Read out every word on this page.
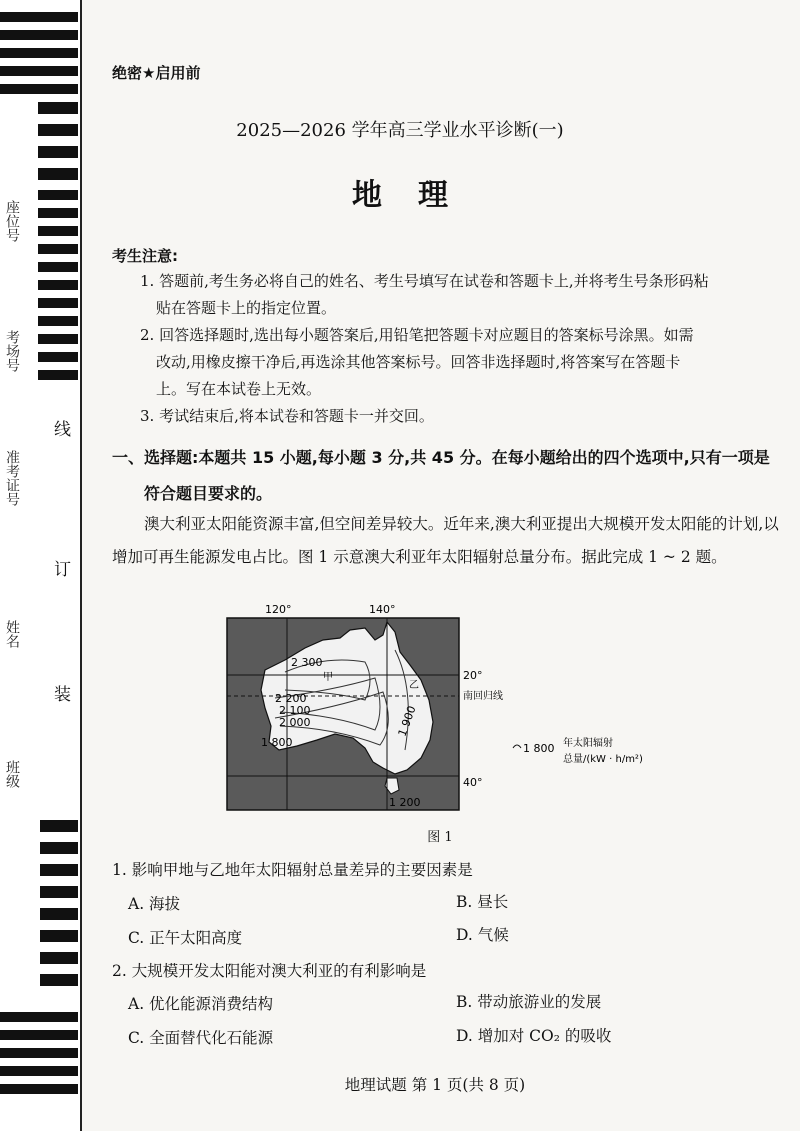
座位号
考场号
准考证号
姓名
班级
线
订
装
绝密★启用前
2025—2026 学年高三学业水平诊断(一)
地理
考生注意:
1. 答题前,考生务必将自己的姓名、考生号填写在试卷和答题卡上,并将考生号条形码粘
贴在答题卡上的指定位置。
2. 回答选择题时,选出每小题答案后,用铅笔把答题卡对应题目的答案标号涂黑。如需
改动,用橡皮擦干净后,再选涂其他答案标号。回答非选择题时,将答案写在答题卡
上。写在本试卷上无效。
3. 考试结束后,将本试卷和答题卡一并交回。
一、选择题:本题共 15 小题,每小题 3 分,共 45 分。在每小题给出的四个选项中,只有一项是
符合题目要求的。
澳大利亚太阳能资源丰富,但空间差异较大。近年来,澳大利亚提出大规模开发太阳能的计划,以增加可再生能源发电占比。图 1 示意澳大利亚年太阳辐射总量分布。据此完成 1 ~ 2 题。
2 300
2 200
2 100
2 000
1 800
1 900
1 200
甲
乙
120°	140°
20°
40°
南回归线
1 800 年太阳辐射
总量/(kW · h/m²)
图 1
1. 影响甲地与乙地年太阳辐射总量差异的主要因素是
A. 海拔	B. 昼长
C. 正午太阳高度	D. 气候
2. 大规模开发太阳能对澳大利亚的有利影响是
A. 优化能源消费结构	B. 带动旅游业的发展
C. 全面替代化石能源	D. 增加对 CO₂ 的吸收
地理试题 第 1 页(共 8 页)
